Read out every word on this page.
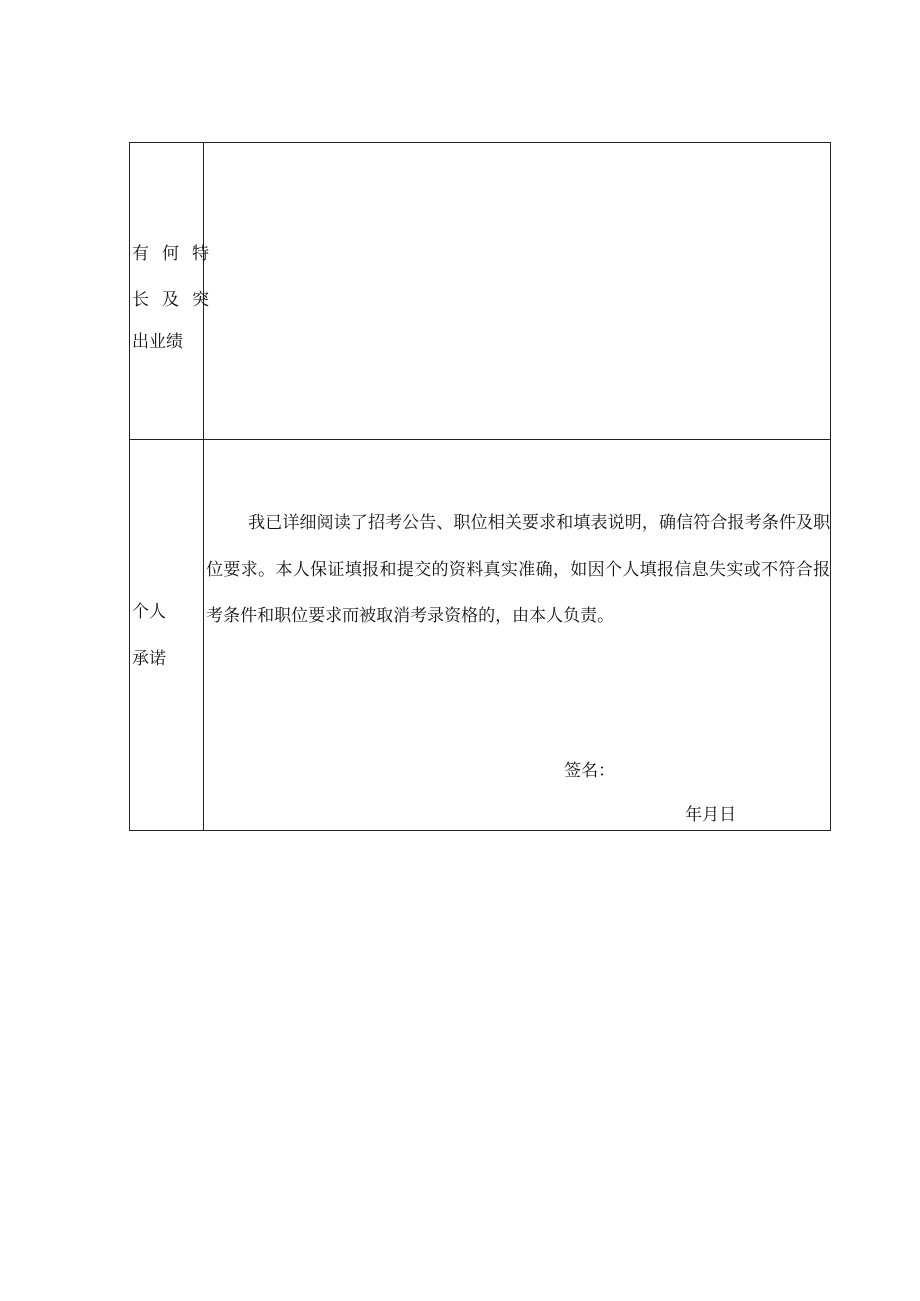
有何特
长及突
出业绩	

个人
承诺	我已详细阅读了招考公告、职位相关要求和填表说明，确信符合报考条件及职位要求。本人保证填报和提交的资料真实准确，如因个人填报信息失实或不符合报考条件和职位要求而被取消考录资格的，由本人负责。
签名：
年月日
